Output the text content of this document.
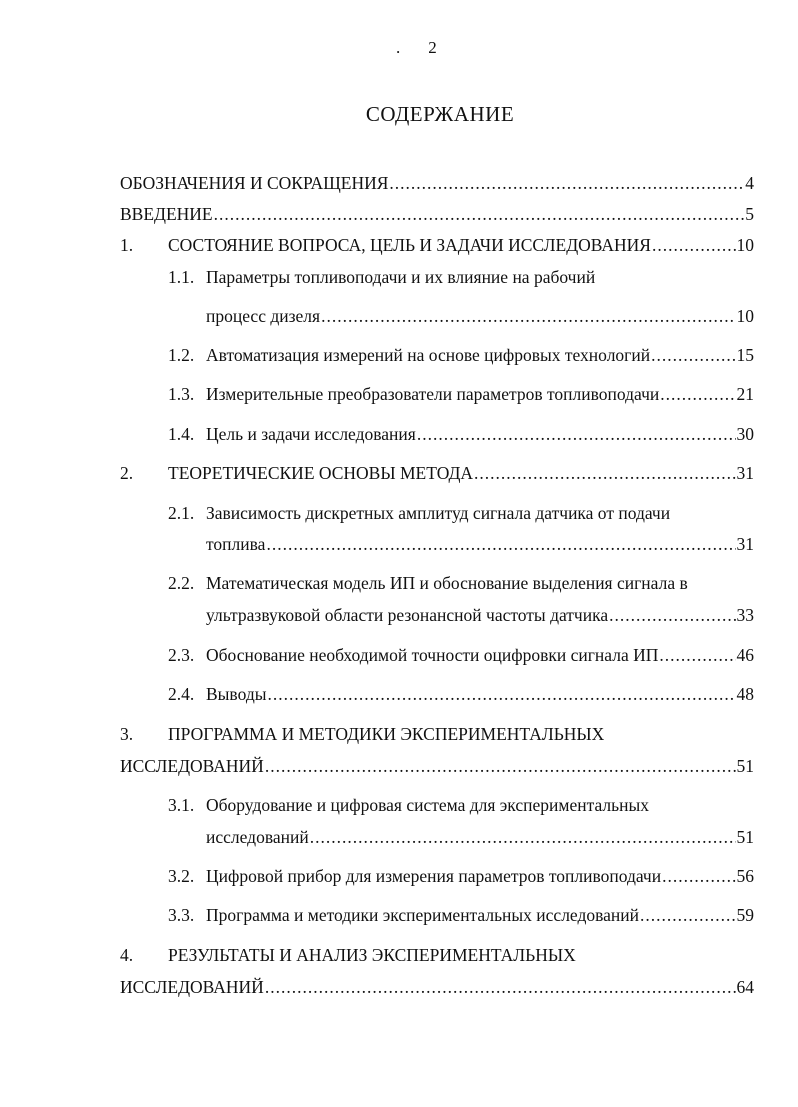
. 2
СОДЕРЖАНИЕ
ОБОЗНАЧЕНИЯ И СОКРАЩЕНИЯ .....	4
ВВЕДЕНИЕ .....	5
1. СОСТОЯНИЕ ВОПРОСА, ЦЕЛЬ И ЗАДАЧИ ИССЛЕДОВАНИЯ .....	10
1.1. Параметры топливоподачи и их влияние на рабочий
процесс дизеля .....	10
1.2. Автоматизация измерений на основе цифровых технологий .....	15
1.3. Измерительные преобразователи параметров топливоподачи .....	21
1.4. Цель и задачи исследования .....	30
2. ТЕОРЕТИЧЕСКИЕ ОСНОВЫ МЕТОДА .....	31
2.1. Зависимость дискретных амплитуд сигнала датчика от подачи
топлива .....	31
2.2. Математическая модель ИП и обоснование выделения сигнала в
ультразвуковой области резонансной частоты датчика .....	33
2.3. Обоснование необходимой точности оцифровки сигнала ИП .....	46
2.4. Выводы .....	48
3. ПРОГРАММА И МЕТОДИКИ ЭКСПЕРИМЕНТАЛЬНЫХ
ИССЛЕДОВАНИЙ .....	51
3.1. Оборудование и цифровая система для экспериментальных
исследований .....	51
3.2. Цифровой прибор для измерения параметров топливоподачи .....	56
3.3. Программа и методики экспериментальных исследований .....	59
4. РЕЗУЛЬТАТЫ И АНАЛИЗ ЭКСПЕРИМЕНТАЛЬНЫХ
ИССЛЕДОВАНИЙ .....	64
